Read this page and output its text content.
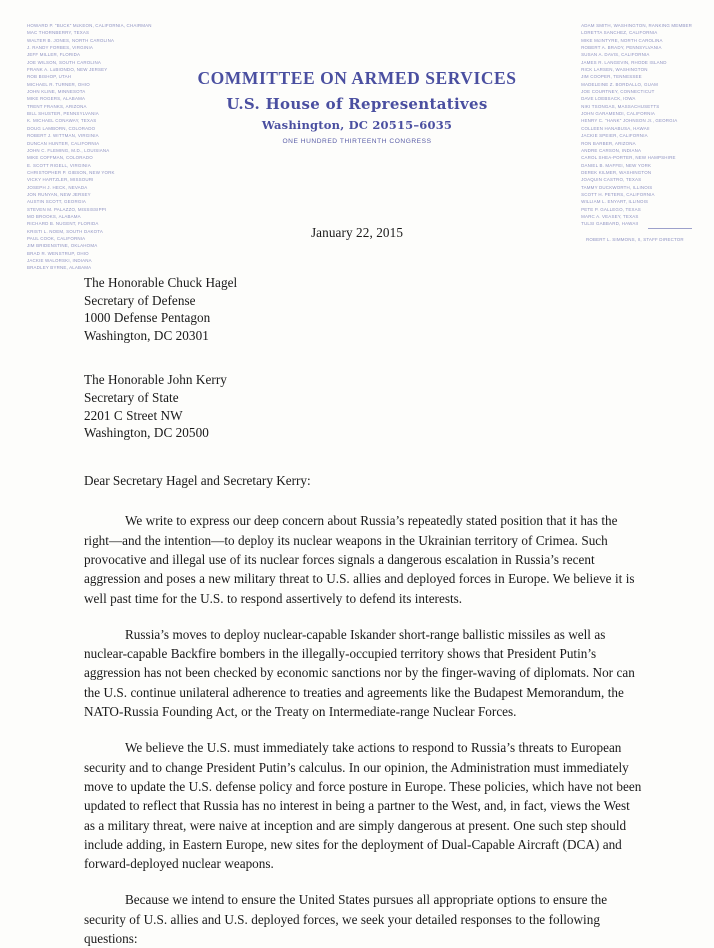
HOWARD P. "BUCK" McKEON, CALIFORNIA, CHAIRMAN
MAC THORNBERRY, TEXAS
WALTER B. JONES, NORTH CAROLINA
J. RANDY FORBES, VIRGINIA
JEFF MILLER, FLORIDA
JOE WILSON, SOUTH CAROLINA
FRANK A. LoBIONDO, NEW JERSEY
ROB BISHOP, UTAH
MICHAEL R. TURNER, OHIO
JOHN KLINE, MINNESOTA
MIKE ROGERS, ALABAMA
TRENT FRANKS, ARIZONA
BILL SHUSTER, PENNSYLVANIA
K. MICHAEL CONAWAY, TEXAS
DOUG LAMBORN, COLORADO
ROBERT J. WITTMAN, VIRGINIA
DUNCAN HUNTER, CALIFORNIA
JOHN C. FLEMING, M.D., LOUISIANA
MIKE COFFMAN, COLORADO
E. SCOTT RIGELL, VIRGINIA
CHRISTOPHER P. GIBSON, NEW YORK
VICKY HARTZLER, MISSOURI
JOSEPH J. HECK, NEVADA
JON RUNYAN, NEW JERSEY
AUSTIN SCOTT, GEORGIA
STEVEN M. PALAZZO, MISSISSIPPI
MO BROOKS, ALABAMA
RICHARD B. NUGENT, FLORIDA
KRISTI L. NOEM, SOUTH DAKOTA
PAUL COOK, CALIFORNIA
JIM BRIDENSTINE, OKLAHOMA
BRAD R. WENSTRUP, OHIO
JACKIE WALORSKI, INDIANA
BRADLEY BYRNE, ALABAMA
ADAM SMITH, WASHINGTON, RANKING MEMBER
LORETTA SANCHEZ, CALIFORNIA
MIKE McINTYRE, NORTH CAROLINA
ROBERT A. BRADY, PENNSYLVANIA
SUSAN A. DAVIS, CALIFORNIA
JAMES R. LANGEVIN, RHODE ISLAND
RICK LARSEN, WASHINGTON
JIM COOPER, TENNESSEE
MADELEINE Z. BORDALLO, GUAM
JOE COURTNEY, CONNECTICUT
DAVE LOEBSACK, IOWA
NIKI TSONGAS, MASSACHUSETTS
JOHN GARAMENDI, CALIFORNIA
HENRY C. "HANK" JOHNSON Jr., GEORGIA
COLLEEN HANABUSA, HAWAII
JACKIE SPEIER, CALIFORNIA
RON BARBER, ARIZONA
ANDRE CARSON, INDIANA
CAROL SHEA-PORTER, NEW HAMPSHIRE
DANIEL B. MAFFEI, NEW YORK
DEREK KILMER, WASHINGTON
JOAQUIN CASTRO, TEXAS
TAMMY DUCKWORTH, ILLINOIS
SCOTT H. PETERS, CALIFORNIA
WILLIAM L. ENYART, ILLINOIS
PETE P. GALLEGO, TEXAS
MARC A. VEASEY, TEXAS
TULSI GABBARD, HAWAII
ROBERT L. SIMMONS, II, STAFF DIRECTOR
COMMITTEE ON ARMED SERVICES
U.S. House of Representatives
Washington, DC 20515–6035
ONE HUNDRED THIRTEENTH CONGRESS
January 22, 2015
The Honorable Chuck Hagel
Secretary of Defense
1000 Defense Pentagon
Washington, DC 20301
The Honorable John Kerry
Secretary of State
2201 C Street NW
Washington, DC 20500
Dear Secretary Hagel and Secretary Kerry:

We write to express our deep concern about Russia’s repeatedly stated position that it has the right—and the intention—to deploy its nuclear weapons in the Ukrainian territory of Crimea. Such provocative and illegal use of its nuclear forces signals a dangerous escalation in Russia’s recent aggression and poses a new military threat to U.S. allies and deployed forces in Europe. We believe it is well past time for the U.S. to respond assertively to defend its interests.

Russia’s moves to deploy nuclear-capable Iskander short-range ballistic missiles as well as nuclear-capable Backfire bombers in the illegally-occupied territory shows that President Putin’s aggression has not been checked by economic sanctions nor by the finger-waving of diplomats. Nor can the U.S. continue unilateral adherence to treaties and agreements like the Budapest Memorandum, the NATO-Russia Founding Act, or the Treaty on Intermediate-range Nuclear Forces.

We believe the U.S. must immediately take actions to respond to Russia’s threats to European security and to change President Putin’s calculus. In our opinion, the Administration must immediately move to update the U.S. defense policy and force posture in Europe. These policies, which have not been updated to reflect that Russia has no interest in being a partner to the West, and, in fact, views the West as a military threat, were naive at inception and are simply dangerous at present. One such step should include adding, in Eastern Europe, new sites for the deployment of Dual-Capable Aircraft (DCA) and forward-deployed nuclear weapons.

Because we intend to ensure the United States pursues all appropriate options to ensure the security of U.S. allies and U.S. deployed forces, we seek your detailed responses to the following questions:
